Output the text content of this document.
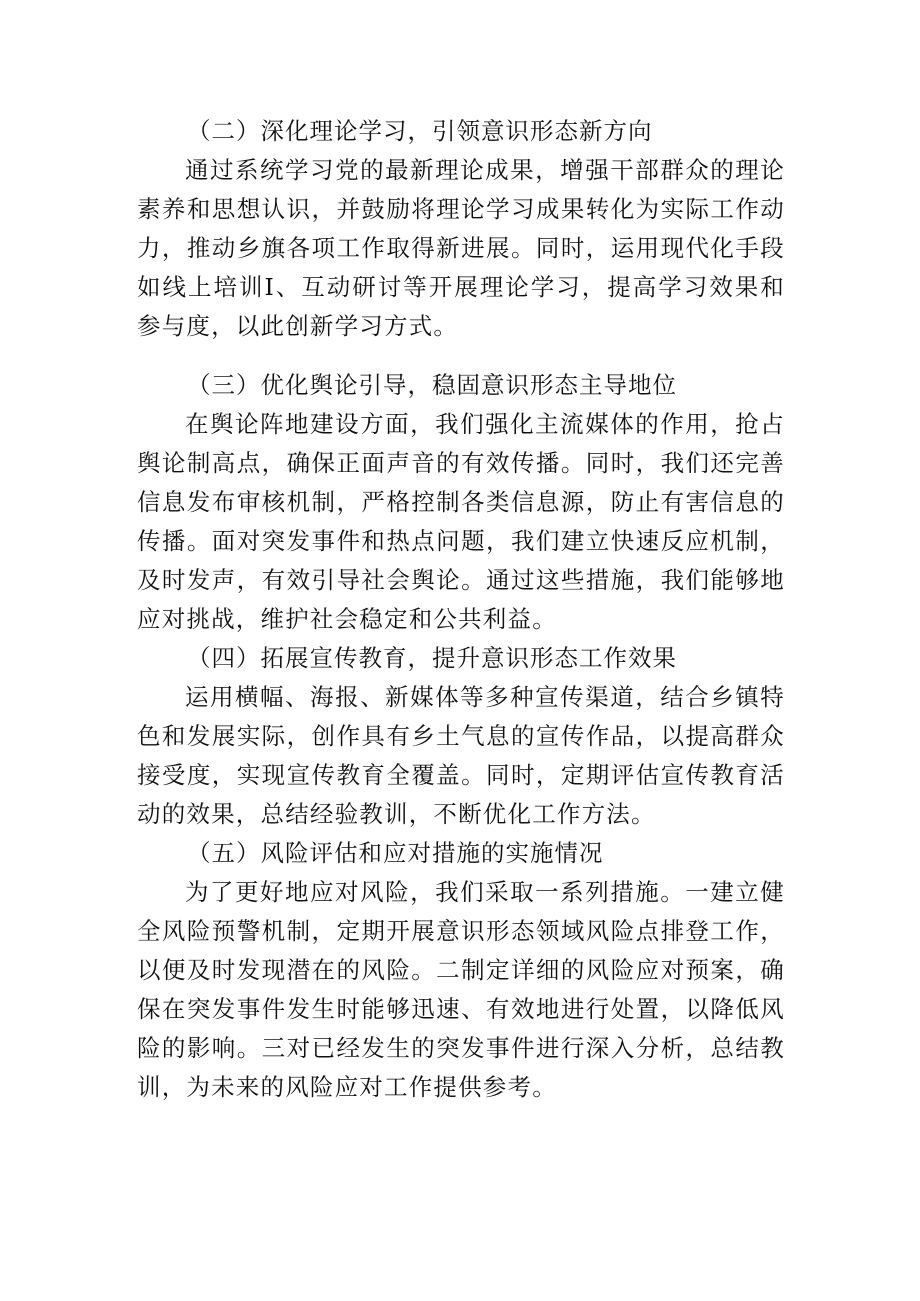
（二）深化理论学习，引领意识形态新方向

通过系统学习党的最新理论成果，增强干部群众的理论素养和思想认识，并鼓励将理论学习成果转化为实际工作动力，推动乡旗各项工作取得新进展。同时，运用现代化手段如线上培训I、互动研讨等开展理论学习，提高学习效果和参与度，以此创新学习方式。

（三）优化舆论引导，稳固意识形态主导地位

在舆论阵地建设方面，我们强化主流媒体的作用，抢占舆论制高点，确保正面声音的有效传播。同时，我们还完善信息发布审核机制，严格控制各类信息源，防止有害信息的传播。面对突发事件和热点问题，我们建立快速反应机制，及时发声，有效引导社会舆论。通过这些措施，我们能够地应对挑战，维护社会稳定和公共利益。

（四）拓展宣传教育，提升意识形态工作效果

运用横幅、海报、新媒体等多种宣传渠道，结合乡镇特色和发展实际，创作具有乡土气息的宣传作品，以提高群众接受度，实现宣传教育全覆盖。同时，定期评估宣传教育活动的效果，总结经验教训，不断优化工作方法。

（五）风险评估和应对措施的实施情况

为了更好地应对风险，我们采取一系列措施。一建立健全风险预警机制，定期开展意识形态领域风险点排登工作，以便及时发现潜在的风险。二制定详细的风险应对预案，确保在突发事件发生时能够迅速、有效地进行处置，以降低风险的影响。三对已经发生的突发事件进行深入分析，总结教训，为未来的风险应对工作提供参考。
